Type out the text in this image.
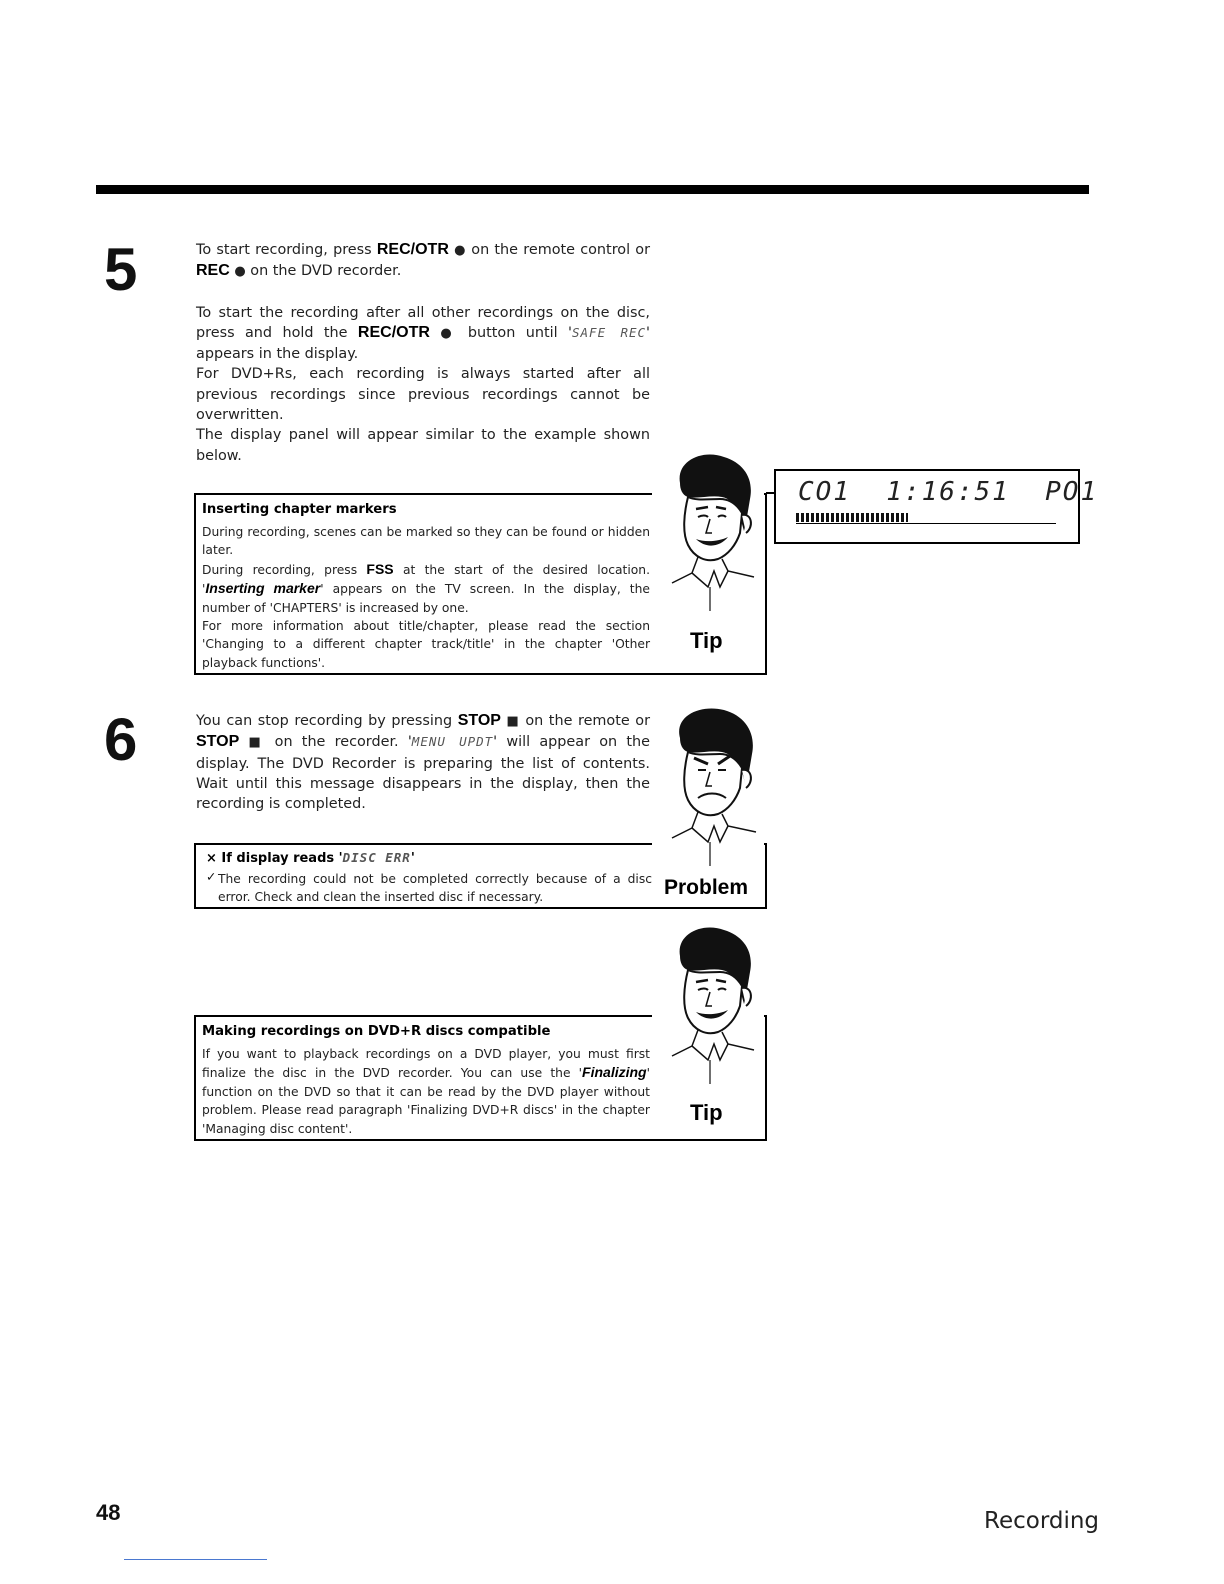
5	To start recording, press REC/OTR ● on the remote control or REC ● on the DVD recorder.

To start the recording after all other recordings on the disc, press and hold the REC/OTR ● button until 'SAFE REC' appears in the display.

For DVD+Rs, each recording is always started after all previous recordings since previous recordings cannot be overwritten.

The display panel will appear similar to the example shown below.

Inserting chapter markers

During recording, scenes can be marked so they can be found or hidden later.

During recording, press FSS at the start of the desired location. 'Inserting marker' appears on the TV screen. In the display, the number of 'CHAPTERS' is increased by one.

For more information about title/chapter, please read the section 'Changing to a different chapter track/title' in the chapter 'Other playback functions'.

Tip
CO1  1:16:51  PO1
6	You can stop recording by pressing STOP ■ on the remote or STOP ■ on the recorder. 'MENU UPDT' will appear on the display. The DVD Recorder is preparing the list of contents. Wait until this message disappears in the display, then the recording is completed.

× If display reads 'DISC ERR'
✓ The recording could not be completed correctly because of a disc error. Check and clean the inserted disc if necessary.	Problem
Making recordings on DVD+R discs compatible

If you want to playback recordings on a DVD player, you must first finalize the disc in the DVD recorder. You can use the 'Finalizing' function on the DVD so that it can be read by the DVD player without problem. Please read paragraph 'Finalizing DVD+R discs' in the chapter 'Managing disc content'.

Tip
48	Recording
